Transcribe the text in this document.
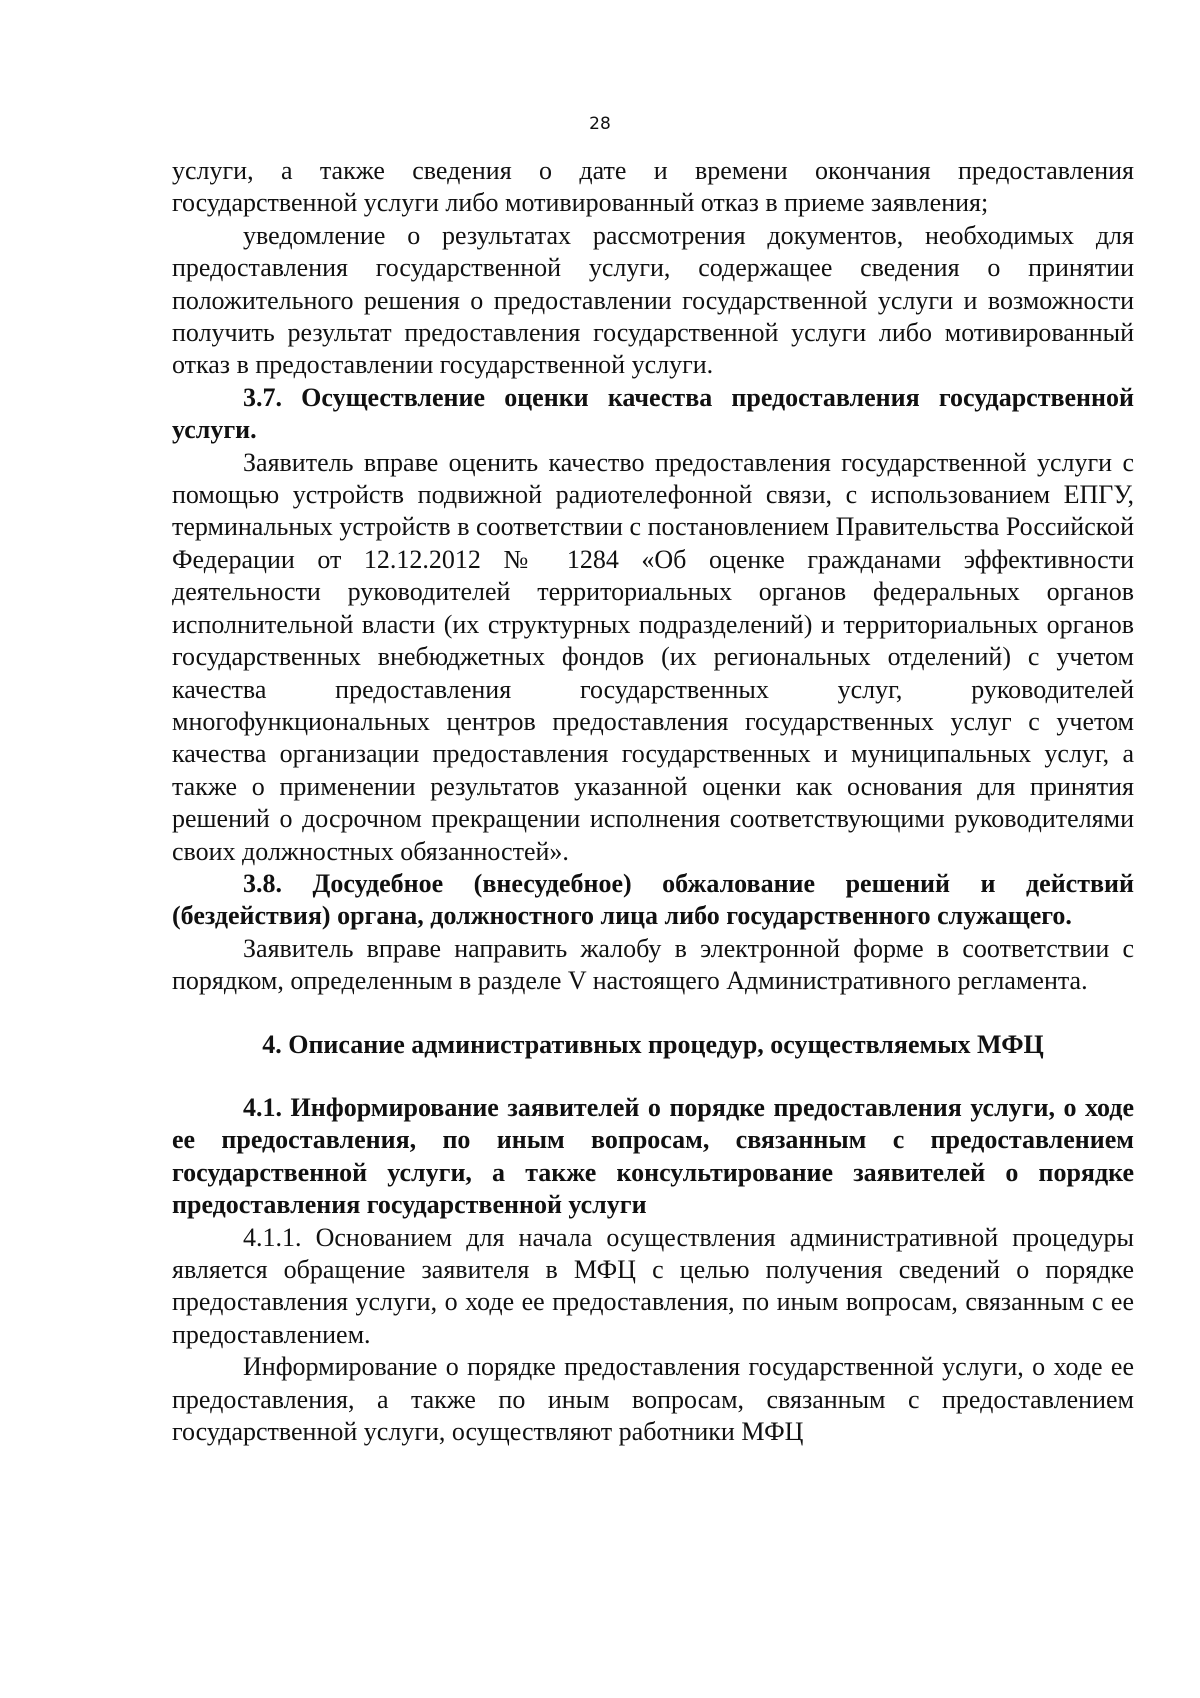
28

услуги, а также сведения о дате и времени окончания предоставления государственной услуги либо мотивированный отказ в приеме заявления;

уведомление о результатах рассмотрения документов, необходимых для предоставления государственной услуги, содержащее сведения о принятии положительного решения о предоставлении государственной услуги и возможности получить результат предоставления государственной услуги либо мотивированный отказ в предоставлении государственной услуги.

3.7. Осуществление оценки качества предоставления государственной услуги.

Заявитель вправе оценить качество предоставления государственной услуги с помощью устройств подвижной радиотелефонной связи, с использованием ЕПГУ, терминальных устройств в соответствии с постановлением Правительства Российской Федерации от 12.12.2012 № 1284 «Об оценке гражданами эффективности деятельности руководителей территориальных органов федеральных органов исполнительной власти (их структурных подразделений) и территориальных органов государственных внебюджетных фондов (их региональных отделений) с учетом качества предоставления государственных услуг, руководителей многофункциональных центров предоставления государственных услуг с учетом качества организации предоставления государственных и муниципальных услуг, а также о применении результатов указанной оценки как основания для принятия решений о досрочном прекращении исполнения соответствующими руководителями своих должностных обязанностей».

3.8. Досудебное (внесудебное) обжалование решений и действий (бездействия) органа, должностного лица либо государственного служащего.

Заявитель вправе направить жалобу в электронной форме в соответствии с порядком, определенным в разделе V настоящего Административного регламента.

4. Описание административных процедур, осуществляемых МФЦ

4.1. Информирование заявителей о порядке предоставления услуги, о ходе ее предоставления, по иным вопросам, связанным с предоставлением государственной услуги, а также консультирование заявителей о порядке предоставления государственной услуги

4.1.1. Основанием для начала осуществления административной процедуры является обращение заявителя в МФЦ с целью получения сведений о порядке предоставления услуги, о ходе ее предоставления, по иным вопросам, связанным с ее предоставлением.

Информирование о порядке предоставления государственной услуги, о ходе ее предоставления, а также по иным вопросам, связанным с предоставлением государственной услуги, осуществляют работники МФЦ
